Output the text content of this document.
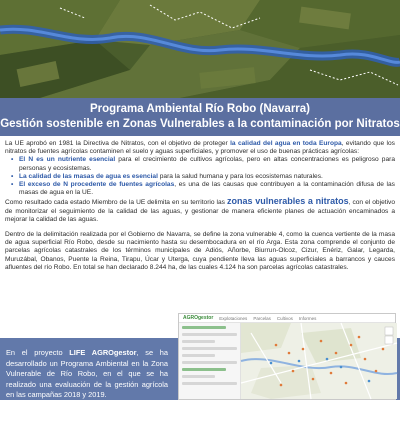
Programa Ambiental Río Robo (Navarra)
Gestión sostenible en Zonas Vulnerables a la contaminación por Nitratos

La UE aprobó en 1981 la Directiva de Nitratos, con el objetivo de proteger la calidad del agua en toda Europa, evitando que los nitratos de fuentes agrícolas contaminen el suelo y aguas superficiales, y promover el uso de buenas prácticas agrícolas:

• El N es un nutriente esencial para el crecimiento de cultivos agrícolas, pero en altas concentraciones es peligroso para personas y ecosistemas.
• La calidad de las masas de agua es esencial para la salud humana y para los ecosistemas naturales.
• El exceso de N procedente de fuentes agrícolas, es una de las causas que contribuyen a la contaminación difusa de las masas de agua en la UE.

Como resultado cada estado Miembro de la UE delimita en su territorio las zonas vulnerables a nitratos, con el objetivo de monitorizar el seguimiento de la calidad de las aguas, y gestionar de manera eficiente planes de actuación encaminados a mejorar la calidad de las aguas.

Dentro de la delimitación realizada por el Gobierno de Navarra, se define la zona vulnerable 4, como la cuenca vertiente de la masa de agua superficial Río Robo, desde su nacimiento hasta su desembocadura en el río Arga. Esta zona comprende el conjunto de parcelas agrícolas catastrales de los términos municipales de Adiós, Añorbe, Biurrun-Olcoz, Cizur, Enériz, Galar, Legarda, Muruzábal, Obanos, Puente la Reina, Tirapu, Úcar y Uterga, cuya pendiente lleva las aguas superficiales a barrancos y cauces afluentes del río Robo. En total se han declarado 8.244 ha, de las cuales 4.124 ha son parcelas agrícolas catastrales.

En el proyecto LIFE AGROgestor, se ha desarrollado un Programa Ambiental en la Zona Vulnerable de Río Robo, en el que se ha realizado una evaluación de la gestión agrícola en las campañas 2018 y 2019.

Para ello se ha contado con la colaboración de dos Sociedades Agrarias de Transformación, que aglutinan el 50 % de la superficie agrícola de

AGROgestor Explotaciones Parcelas Cultivos Informes
